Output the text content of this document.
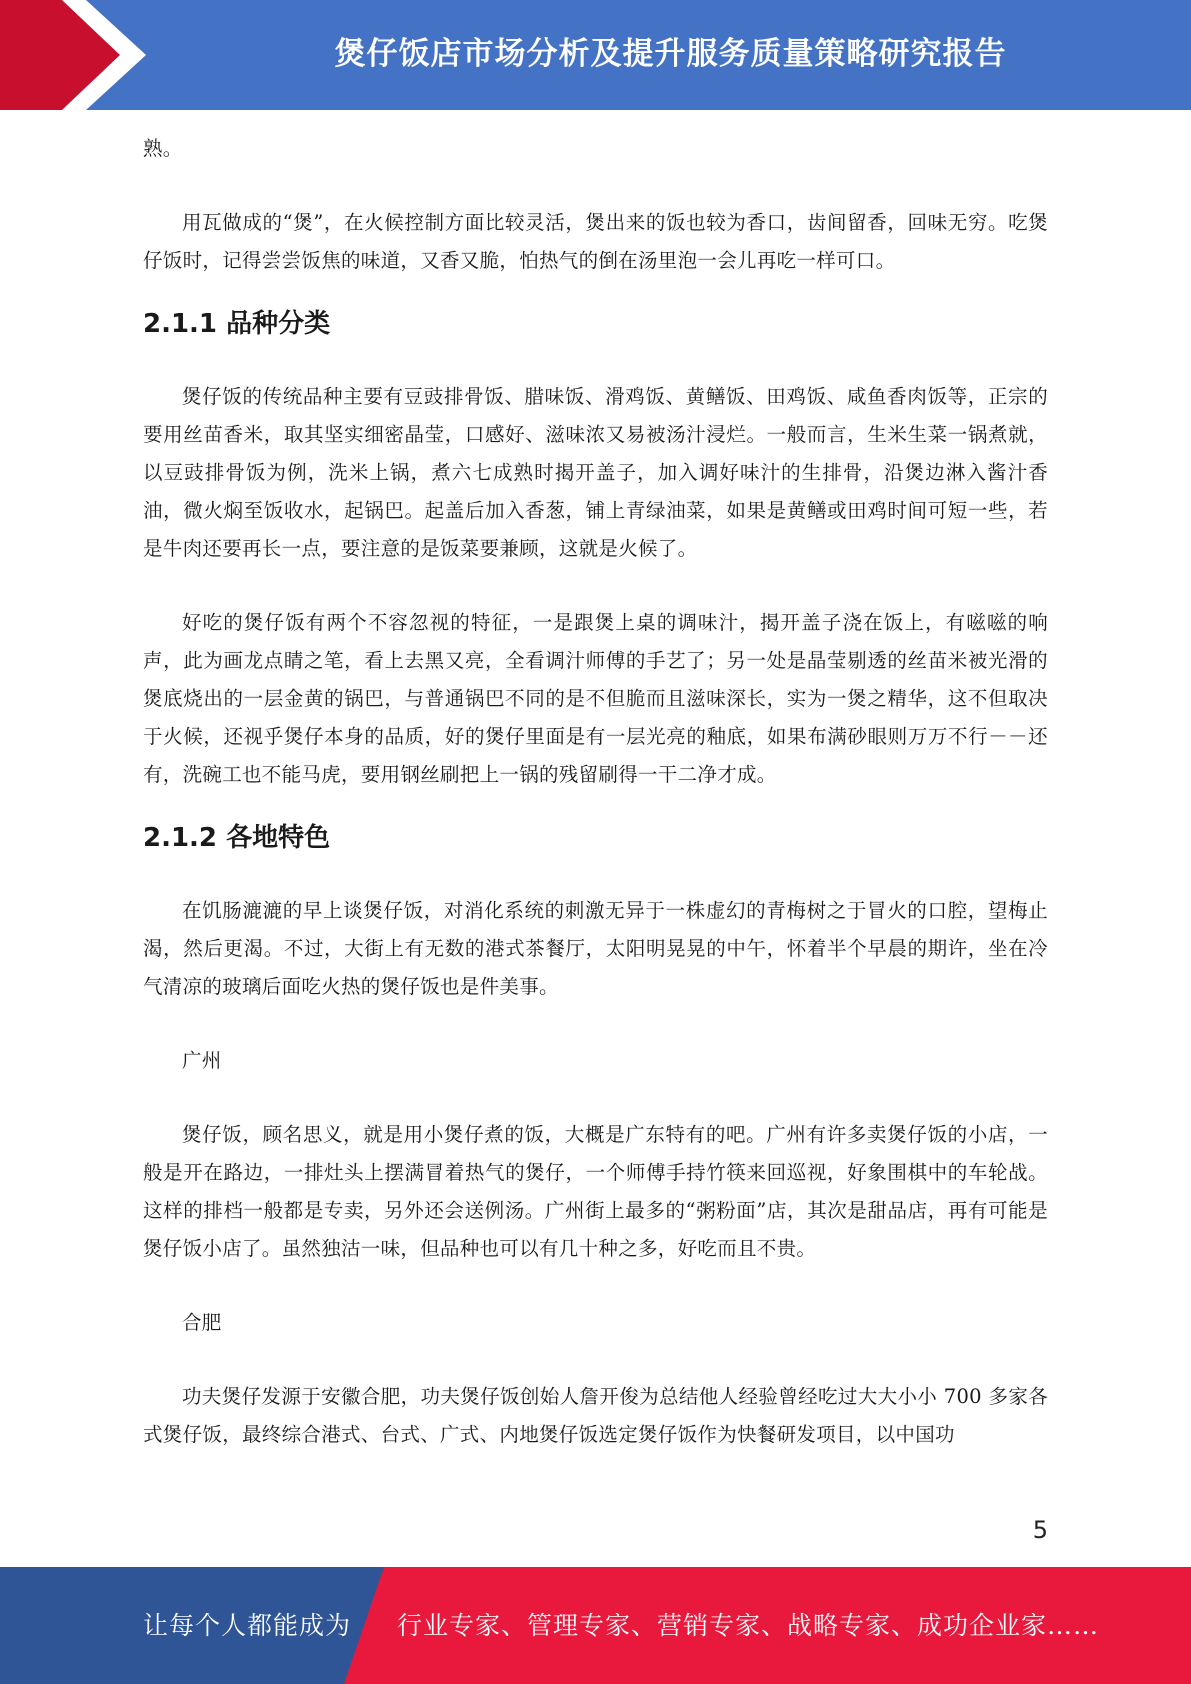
煲仔饭店市场分析及提升服务质量策略研究报告

熟。

用瓦做成的“煲”，在火候控制方面比较灵活，煲出来的饭也较为香口，齿间留香，回味无穷。吃煲仔饭时，记得尝尝饭焦的味道，又香又脆，怕热气的倒在汤里泡一会儿再吃一样可口。

2.1.1 品种分类

煲仔饭的传统品种主要有豆豉排骨饭、腊味饭、滑鸡饭、黄鳝饭、田鸡饭、咸鱼香肉饭等，正宗的要用丝苗香米，取其坚实细密晶莹，口感好、滋味浓又易被汤汁浸烂。一般而言，生米生菜一锅煮就，以豆豉排骨饭为例，洗米上锅，煮六七成熟时揭开盖子，加入调好味汁的生排骨，沿煲边淋入酱汁香油，微火焖至饭收水，起锅巴。起盖后加入香葱，铺上青绿油菜，如果是黄鳝或田鸡时间可短一些，若是牛肉还要再长一点，要注意的是饭菜要兼顾，这就是火候了。

好吃的煲仔饭有两个不容忽视的特征，一是跟煲上桌的调味汁，揭开盖子浇在饭上，有嗞嗞的响声，此为画龙点睛之笔，看上去黑又亮，全看调汁师傅的手艺了；另一处是晶莹剔透的丝苗米被光滑的煲底烧出的一层金黄的锅巴，与普通锅巴不同的是不但脆而且滋味深长，实为一煲之精华，这不但取决于火候，还视乎煲仔本身的品质，好的煲仔里面是有一层光亮的釉底，如果布满砂眼则万万不行－－还有，洗碗工也不能马虎，要用钢丝刷把上一锅的残留刷得一干二净才成。

2.1.2 各地特色

在饥肠漉漉的早上谈煲仔饭，对消化系统的刺激无异于一株虚幻的青梅树之于冒火的口腔，望梅止渴，然后更渴。不过，大街上有无数的港式茶餐厅，太阳明晃晃的中午，怀着半个早晨的期许，坐在冷气清凉的玻璃后面吃火热的煲仔饭也是件美事。

广州

煲仔饭，顾名思义，就是用小煲仔煮的饭，大概是广东特有的吧。广州有许多卖煲仔饭的小店，一般是开在路边，一排灶头上摆满冒着热气的煲仔，一个师傅手持竹筷来回巡视，好象围棋中的车轮战。这样的排档一般都是专卖，另外还会送例汤。广州街上最多的“粥粉面”店，其次是甜品店，再有可能是煲仔饭小店了。虽然独沽一味，但品种也可以有几十种之多，好吃而且不贵。

合肥

功夫煲仔发源于安徽合肥，功夫煲仔饭创始人詹开俊为总结他人经验曾经吃过大大小小 700 多家各式煲仔饭，最终综合港式、台式、广式、内地煲仔饭选定煲仔饭作为快餐研发项目，以中国功

5
让每个人都能成为 行业专家、管理专家、营销专家、战略专家、成功企业家……
